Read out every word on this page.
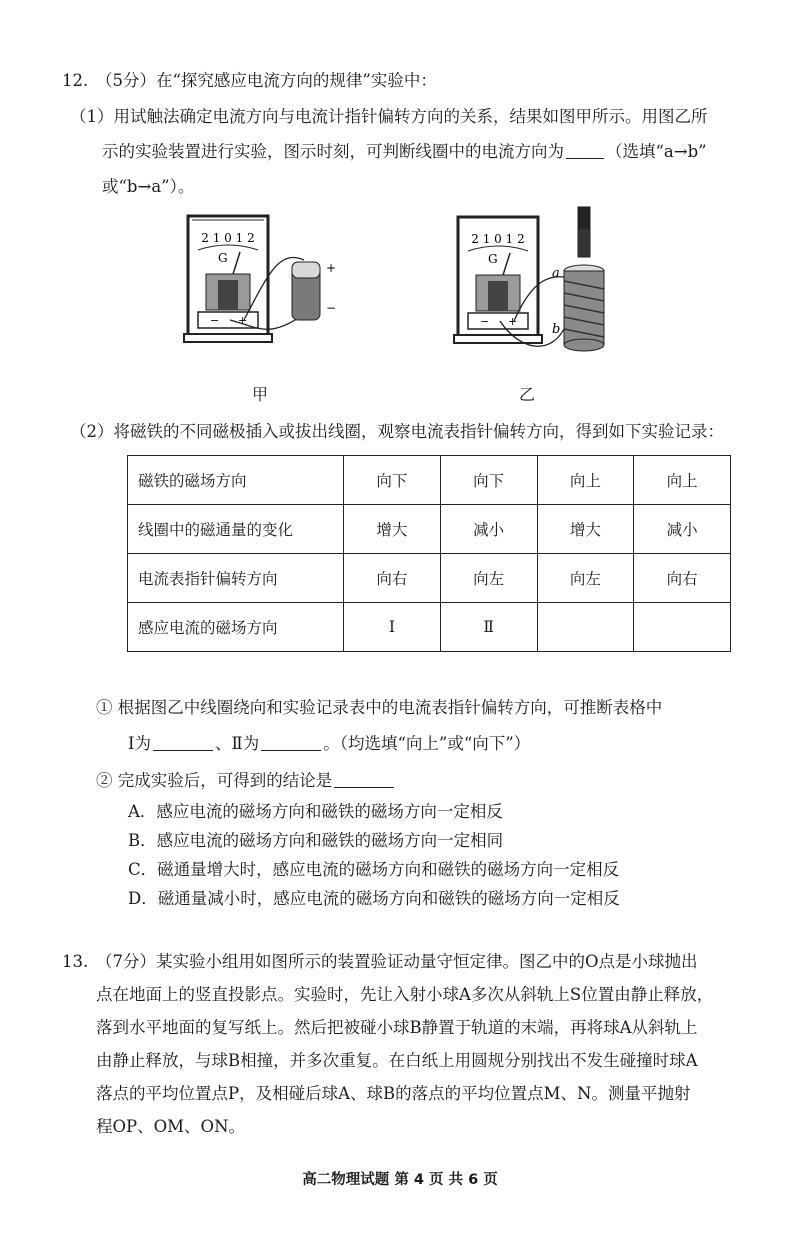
12. （5分）在“探究感应电流方向的规律”实验中：
（1）用试触法确定电流方向与电流计指针偏转方向的关系，结果如图甲所示。用图乙所
示的实验装置进行实验，图示时刻，可判断线圈中的电流方向为	（选填“a→b”
或“b→a”）。
2 1 0 1 2
G
− +
+
−
甲
2 1 0 1 2
G
− +
a
b
乙
（2）将磁铁的不同磁极插入或拔出线圈，观察电流表指针偏转方向，得到如下实验记录：
磁铁的磁场方向	向下	向下	向上	向上
线圈中的磁通量的变化	增大	减小	增大	减小
电流表指针偏转方向	向右	向左	向左	向右
感应电流的磁场方向	Ⅰ	Ⅱ		
① 根据图乙中线圈绕向和实验记录表中的电流表指针偏转方向，可推断表格中
Ⅰ为	、Ⅱ为	。（均选填“向上”或“向下”）
② 完成实验后，可得到的结论是
A．感应电流的磁场方向和磁铁的磁场方向一定相反
B．感应电流的磁场方向和磁铁的磁场方向一定相同
C．磁通量增大时，感应电流的磁场方向和磁铁的磁场方向一定相反
D．磁通量减小时，感应电流的磁场方向和磁铁的磁场方向一定相反
13. （7分）某实验小组用如图所示的装置验证动量守恒定律。图乙中的O点是小球抛出
点在地面上的竖直投影点。实验时，先让入射小球A多次从斜轨上S位置由静止释放，
落到水平地面的复写纸上。然后把被碰小球B静置于轨道的末端，再将球A从斜轨上
由静止释放，与球B相撞，并多次重复。在白纸上用圆规分别找出不发生碰撞时球A
落点的平均位置点P，及相碰后球A、球B的落点的平均位置点M、N。测量平抛射
程OP、OM、ON。
高二物理试题 第 4 页 共 6 页
